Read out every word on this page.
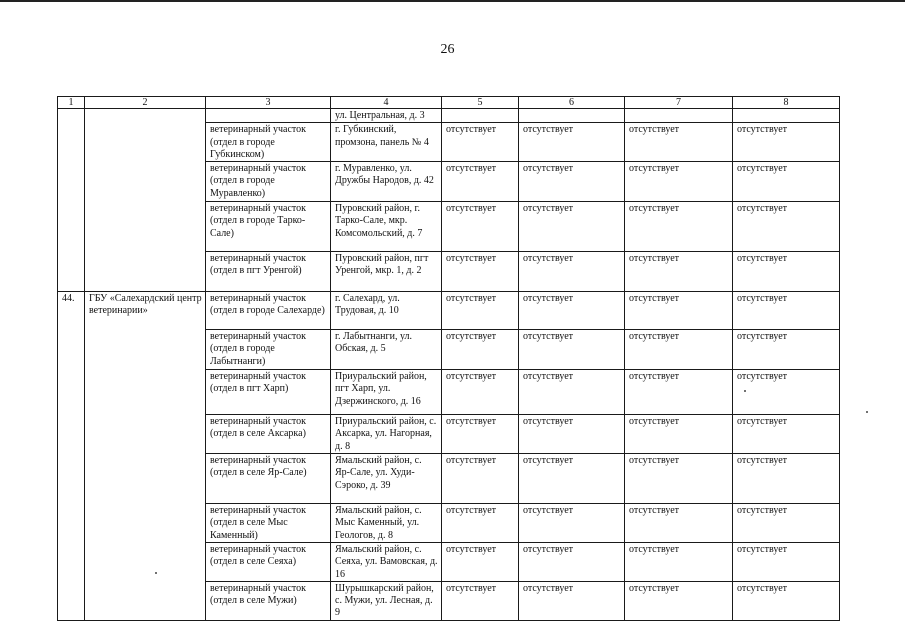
26
1	2	3	4	5	6	7	8
			ул. Центральная, д. 3				
		ветеринарный участок (отдел в городе Губкинском)	г. Губкинский, промзона, панель № 4	отсутствует	отсутствует	отсутствует	отсутствует
		ветеринарный участок (отдел в городе Муравленко)	г. Муравленко, ул. Дружбы Народов, д. 42	отсутствует	отсутствует	отсутствует	отсутствует
		ветеринарный участок (отдел в городе Тарко-Сале)	Пуровский район, г. Тарко-Сале, мкр. Комсомольский, д. 7	отсутствует	отсутствует	отсутствует	отсутствует
		ветеринарный участок (отдел в пгт Уренгой)	Пуровский район, пгт Уренгой, мкр. 1, д. 2	отсутствует	отсутствует	отсутствует	отсутствует
44.	ГБУ «Салехардский центр ветеринарии»	ветеринарный участок (отдел в городе Салехарде)	г. Салехард, ул. Трудовая, д. 10	отсутствует	отсутствует	отсутствует	отсутствует
		ветеринарный участок (отдел в городе Лабытнанги)	г. Лабытнанги, ул. Обская, д. 5	отсутствует	отсутствует	отсутствует	отсутствует
		ветеринарный участок (отдел в пгт Харп)	Приуральский район, пгт Харп, ул. Дзержинского, д. 16	отсутствует	отсутствует	отсутствует	отсутствует
		ветеринарный участок (отдел в селе Аксарка)	Приуральский район, с. Аксарка, ул. Нагорная, д. 8	отсутствует	отсутствует	отсутствует	отсутствует
		ветеринарный участок (отдел в селе Яр-Сале)	Ямальский район, с. Яр-Сале, ул. Худи-Сэроко, д. 39	отсутствует	отсутствует	отсутствует	отсутствует
		ветеринарный участок (отдел в селе Мыс Каменный)	Ямальский район, с. Мыс Каменный, ул. Геологов, д. 8	отсутствует	отсутствует	отсутствует	отсутствует
		ветеринарный участок (отдел в селе Сеяха)	Ямальский район, с. Сеяха, ул. Вамовская, д. 16	отсутствует	отсутствует	отсутствует	отсутствует
		ветеринарный участок (отдел в селе Мужи)	Шурышкарский район, с. Мужи, ул. Лесная, д. 9	отсутствует	отсутствует	отсутствует	отсутствует
